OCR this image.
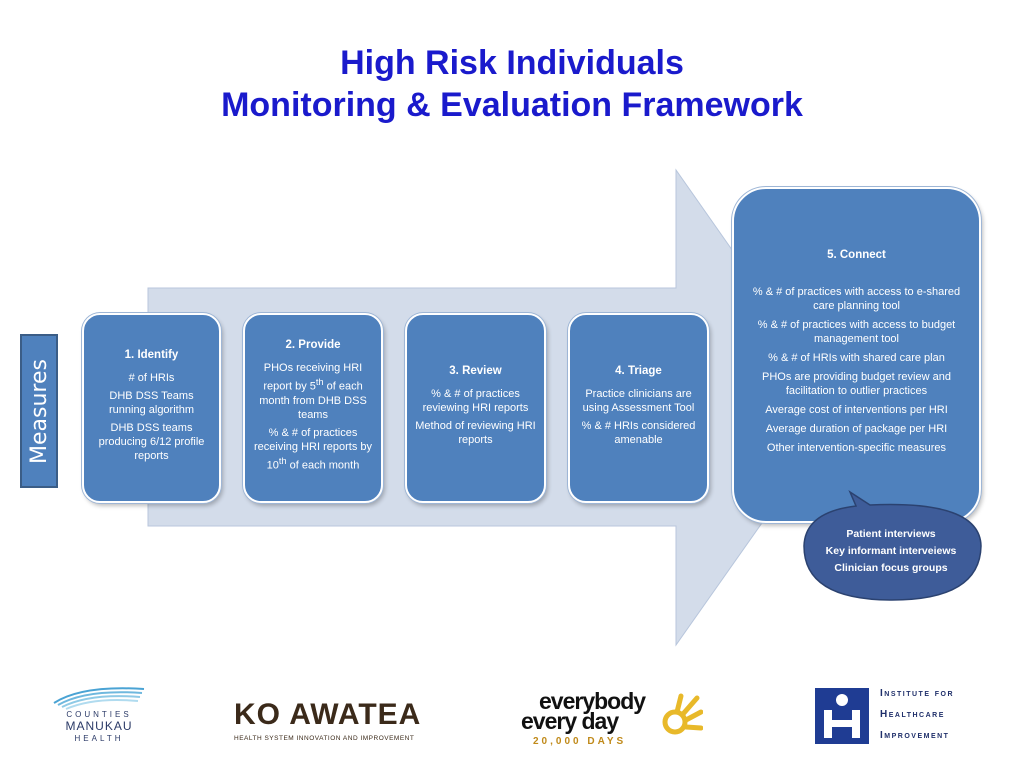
High Risk Individuals
Monitoring & Evaluation Framework
Measures
1. Identify

# of HRIs

DHB DSS Teams running algorithm

DHB DSS teams producing 6/12 profile reports

2. Provide

PHOs receiving HRI report by 5th of each month from DHB DSS teams

% & # of practices receiving HRI reports by 10th of each month

3. Review

% & # of practices reviewing HRI reports

Method of reviewing HRI reports

4. Triage

Practice clinicians are using Assessment Tool

% & # HRIs considered amenable

5. Connect

% & # of practices with access to e-shared care planning tool

% & # of practices with access to budget management tool

% & # of HRIs with shared care plan

PHOs are providing budget review and facilitation to outlier practices

Average cost of interventions per HRI

Average duration of package per HRI

Other intervention-specific measures

Patient interviews
Key informant interveiews
Clinician focus groups
COUNTIES
MANUKAU
HEALTH
KO AWATEA
HEALTH SYSTEM INNOVATION AND IMPROVEMENT
everybody
every day
20,000 DAYS
Institute for
Healthcare
Improvement
